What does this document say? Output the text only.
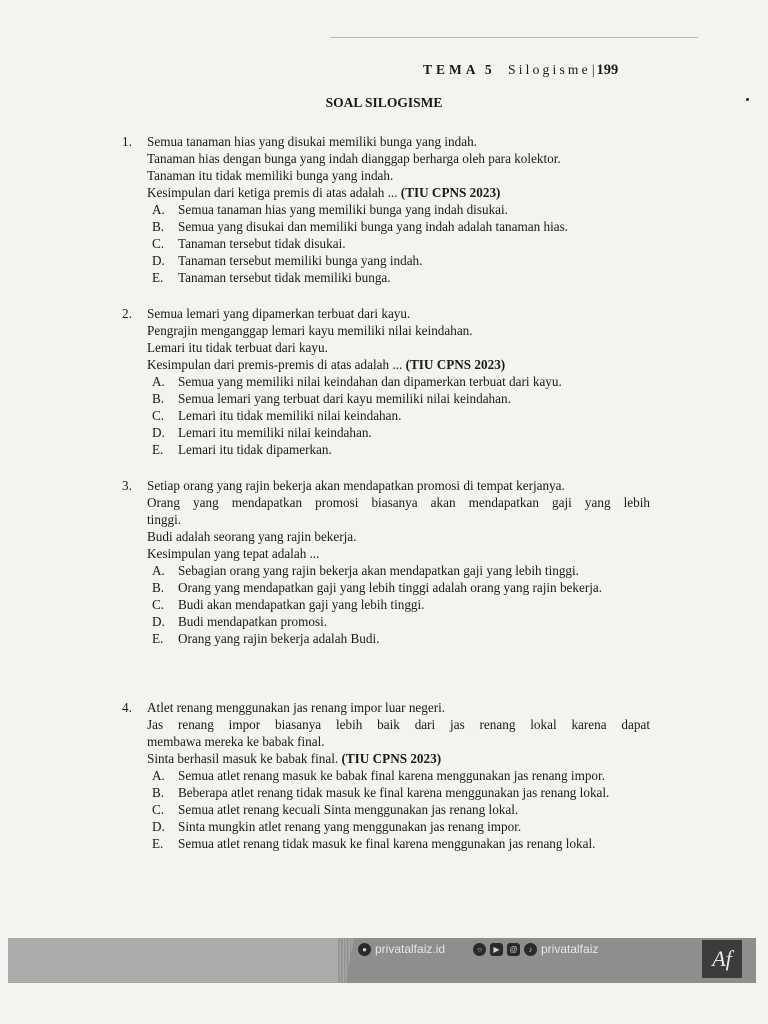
TEMA 5 Silogisme| 199
SOAL SILOGISME
1. Semua tanaman hias yang disukai memiliki bunga yang indah.
Tanaman hias dengan bunga yang indah dianggap berharga oleh para kolektor.
Tanaman itu tidak memiliki bunga yang indah.
Kesimpulan dari ketiga premis di atas adalah ... (TIU CPNS 2023)
A. Semua tanaman hias yang memiliki bunga yang indah disukai.
B. Semua yang disukai dan memiliki bunga yang indah adalah tanaman hias.
C. Tanaman tersebut tidak disukai.
D. Tanaman tersebut memiliki bunga yang indah.
E. Tanaman tersebut tidak memiliki bunga.
2. Semua lemari yang dipamerkan terbuat dari kayu.
Pengrajin menganggap lemari kayu memiliki nilai keindahan.
Lemari itu tidak terbuat dari kayu.
Kesimpulan dari premis-premis di atas adalah ... (TIU CPNS 2023)
A. Semua yang memiliki nilai keindahan dan dipamerkan terbuat dari kayu.
B. Semua lemari yang terbuat dari kayu memiliki nilai keindahan.
C. Lemari itu tidak memiliki nilai keindahan.
D. Lemari itu memiliki nilai keindahan.
E. Lemari itu tidak dipamerkan.
3. Setiap orang yang rajin bekerja akan mendapatkan promosi di tempat kerjanya.
Orang yang mendapatkan promosi biasanya akan mendapatkan gaji yang lebih
tinggi.
Budi adalah seorang yang rajin bekerja.
Kesimpulan yang tepat adalah ...
A. Sebagian orang yang rajin bekerja akan mendapatkan gaji yang lebih tinggi.
B. Orang yang mendapatkan gaji yang lebih tinggi adalah orang yang rajin bekerja.
C. Budi akan mendapatkan gaji yang lebih tinggi.
D. Budi mendapatkan promosi.
E. Orang yang rajin bekerja adalah Budi.
4. Atlet renang menggunakan jas renang impor luar negeri.
Jas renang impor biasanya lebih baik dari jas renang lokal karena dapat
membawa mereka ke babak final.
Sinta berhasil masuk ke babak final. (TIU CPNS 2023)
A. Semua atlet renang masuk ke babak final karena menggunakan jas renang impor.
B. Beberapa atlet renang tidak masuk ke final karena menggunakan jas renang lokal.
C. Semua atlet renang kecuali Sinta menggunakan jas renang lokal.
D. Sinta mungkin atlet renang yang menggunakan jas renang impor.
E. Semua atlet renang tidak masuk ke final karena menggunakan jas renang lokal.
● privatalfaiz.id	○	▶	@	♪ privatalfaiz	Af
